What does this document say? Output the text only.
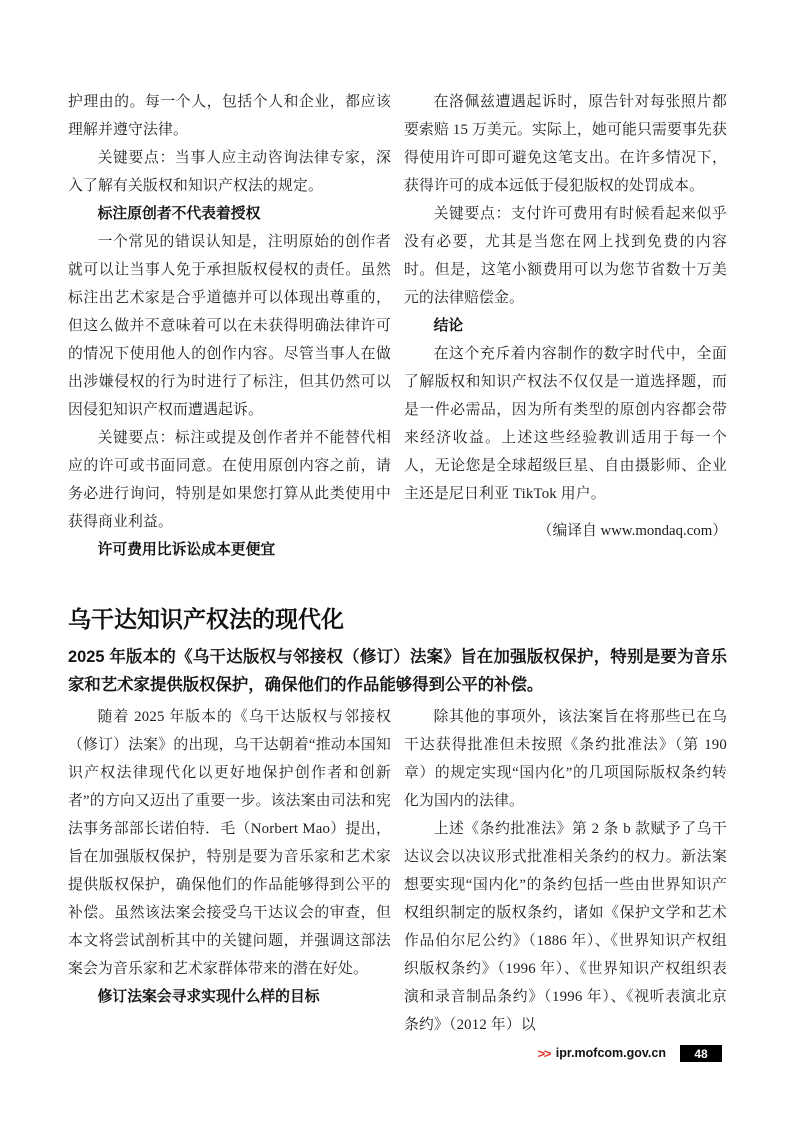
护理由的。每一个人，包括个人和企业，都应该理解并遵守法律。

关键要点：当事人应主动咨询法律专家，深入了解有关版权和知识产权法的规定。

标注原创者不代表着授权

一个常见的错误认知是，注明原始的创作者就可以让当事人免于承担版权侵权的责任。虽然标注出艺术家是合乎道德并可以体现出尊重的，但这么做并不意味着可以在未获得明确法律许可的情况下使用他人的创作内容。尽管当事人在做出涉嫌侵权的行为时进行了标注，但其仍然可以因侵犯知识产权而遭遇起诉。

关键要点：标注或提及创作者并不能替代相应的许可或书面同意。在使用原创内容之前，请务必进行询问，特别是如果您打算从此类使用中获得商业利益。

许可费用比诉讼成本更便宜

在洛佩兹遭遇起诉时，原告针对每张照片都要索赔 15 万美元。实际上，她可能只需要事先获得使用许可即可避免这笔支出。在许多情况下，获得许可的成本远低于侵犯版权的处罚成本。

关键要点：支付许可费用有时候看起来似乎没有必要，尤其是当您在网上找到免费的内容时。但是，这笔小额费用可以为您节省数十万美元的法律赔偿金。

结论

在这个充斥着内容制作的数字时代中，全面了解版权和知识产权法不仅仅是一道选择题，而是一件必需品，因为所有类型的原创内容都会带来经济收益。上述这些经验教训适用于每一个人，无论您是全球超级巨星、自由摄影师、企业主还是尼日利亚 TikTok 用户。

（编译自 www.mondaq.com）

乌干达知识产权法的现代化
2025 年版本的《乌干达版权与邻接权（修订）法案》旨在加强版权保护，特别是要为音乐家和艺术家提供版权保护，确保他们的作品能够得到公平的补偿。

随着 2025 年版本的《乌干达版权与邻接权（修订）法案》的出现，乌干达朝着“推动本国知识产权法律现代化以更好地保护创作者和创新者”的方向又迈出了重要一步。该法案由司法和宪法事务部部长诺伯特．毛（Norbert Mao）提出，旨在加强版权保护，特别是要为音乐家和艺术家提供版权保护，确保他们的作品能够得到公平的补偿。虽然该法案会接受乌干达议会的审查，但本文将尝试剖析其中的关键问题，并强调这部法案会为音乐家和艺术家群体带来的潜在好处。

修订法案会寻求实现什么样的目标

除其他的事项外，该法案旨在将那些已在乌干达获得批准但未按照《条约批准法》（第 190 章）的规定实现“国内化”的几项国际版权条约转化为国内的法律。

上述《条约批准法》第 2 条 b 款赋予了乌干达议会以决议形式批准相关条约的权力。新法案想要实现“国内化”的条约包括一些由世界知识产权组织制定的版权条约，诸如《保护文学和艺术作品伯尔尼公约》（1886 年）、《世界知识产权组织版权条约》（1996 年）、《世界知识产权组织表演和录音制品条约》（1996 年）、《视听表演北京条约》（2012 年）以

>> ipr.mofcom.gov.cn	48
